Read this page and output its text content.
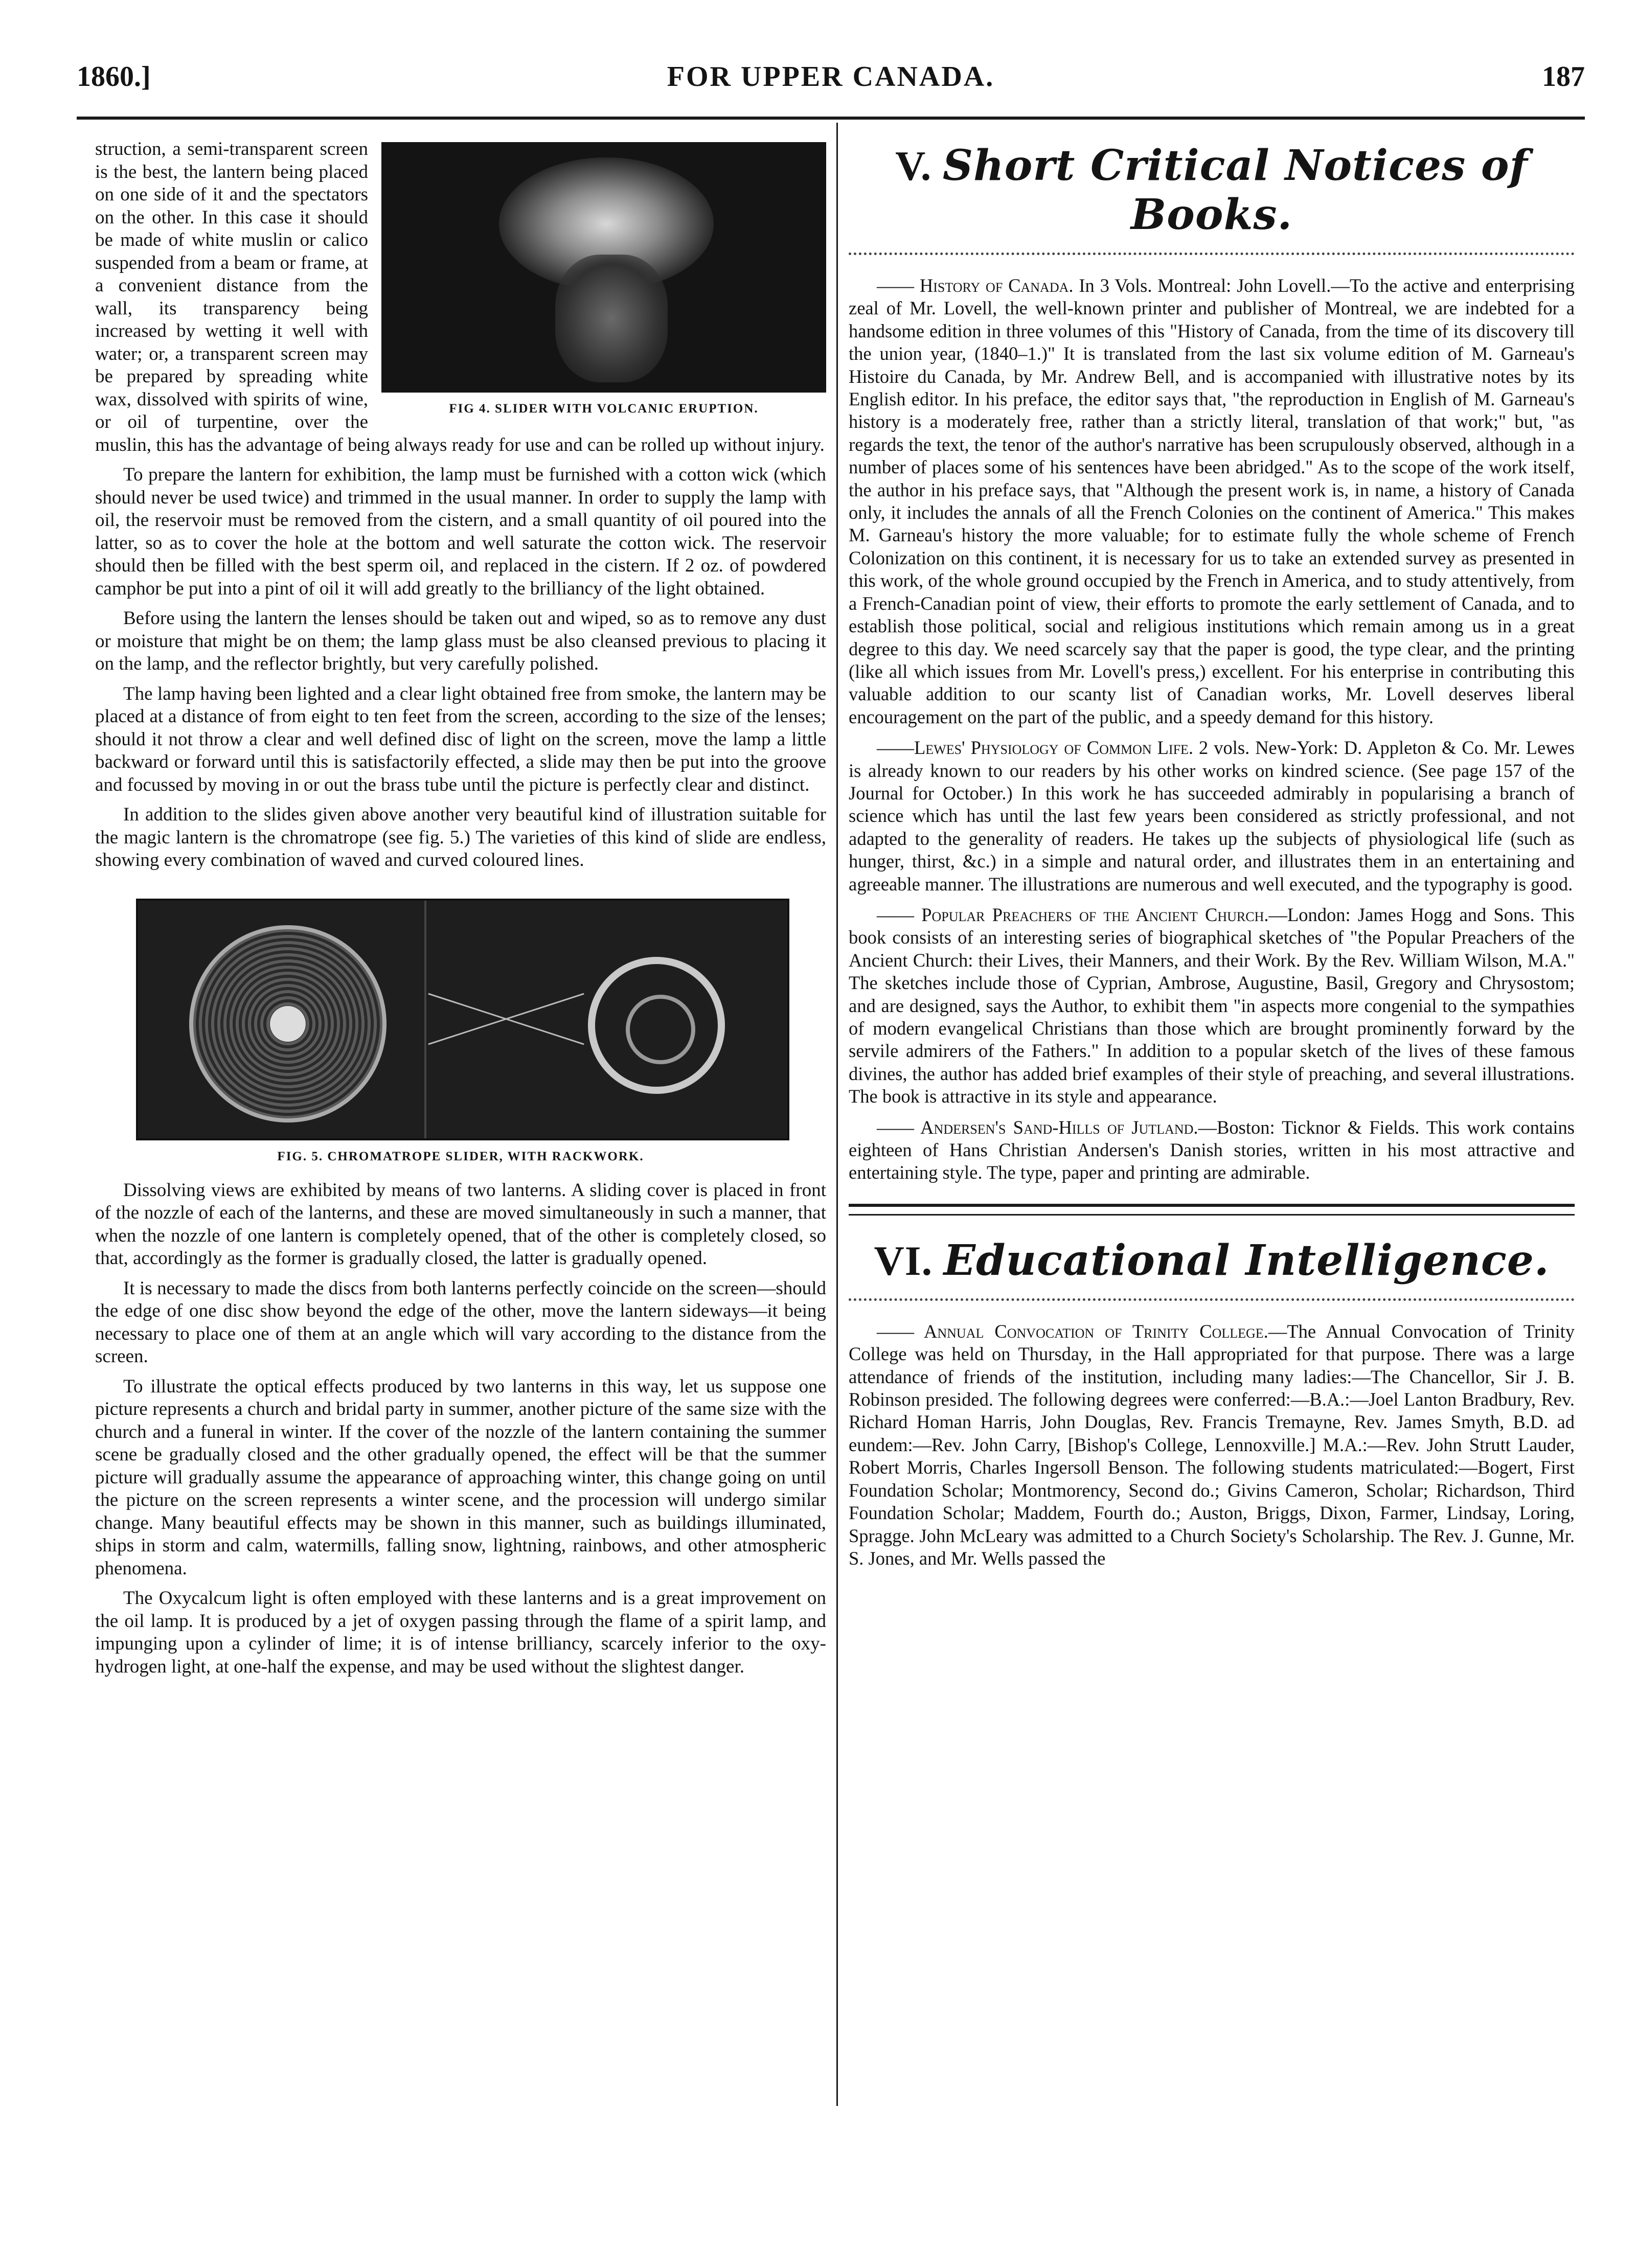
1860.]	FOR UPPER CANADA.	187
FIG 4. SLIDER WITH VOLCANIC ERUPTION.

struction, a semi-transparent screen is the best, the lantern being placed on one side of it and the spectators on the other. In this case it should be made of white muslin or calico suspended from a beam or frame, at a convenient distance from the wall, its transparency being increased by wetting it well with water; or, a transparent screen may be prepared by spreading white wax, dissolved with spirits of wine, or oil of turpentine, over the muslin, this has the advantage of being always ready for use and can be rolled up without injury.

To prepare the lantern for exhibition, the lamp must be furnished with a cotton wick (which should never be used twice) and trimmed in the usual manner. In order to supply the lamp with oil, the reservoir must be removed from the cistern, and a small quantity of oil poured into the latter, so as to cover the hole at the bottom and well saturate the cotton wick. The reservoir should then be filled with the best sperm oil, and replaced in the cistern. If 2 oz. of powdered camphor be put into a pint of oil it will add greatly to the brilliancy of the light obtained.

Before using the lantern the lenses should be taken out and wiped, so as to remove any dust or moisture that might be on them; the lamp glass must be also cleansed previous to placing it on the lamp, and the reflector brightly, but very carefully polished.

The lamp having been lighted and a clear light obtained free from smoke, the lantern may be placed at a distance of from eight to ten feet from the screen, according to the size of the lenses; should it not throw a clear and well defined disc of light on the screen, move the lamp a little backward or forward until this is satisfactorily effected, a slide may then be put into the groove and focussed by moving in or out the brass tube until the picture is perfectly clear and distinct.

In addition to the slides given above another very beautiful kind of illustration suitable for the magic lantern is the chromatrope (see fig. 5.) The varieties of this kind of slide are endless, showing every combination of waved and curved coloured lines.

FIG. 5. CHROMATROPE SLIDER, WITH RACKWORK.

Dissolving views are exhibited by means of two lanterns. A sliding cover is placed in front of the nozzle of each of the lanterns, and these are moved simultaneously in such a manner, that when the nozzle of one lantern is completely opened, that of the other is completely closed, so that, accordingly as the former is gradually closed, the latter is gradually opened.

It is necessary to made the discs from both lanterns perfectly coincide on the screen—should the edge of one disc show beyond the edge of the other, move the lantern sideways—it being necessary to place one of them at an angle which will vary according to the distance from the screen.

To illustrate the optical effects produced by two lanterns in this way, let us suppose one picture represents a church and bridal party in summer, another picture of the same size with the church and a funeral in winter. If the cover of the nozzle of the lantern containing the summer scene be gradually closed and the other gradually opened, the effect will be that the summer picture will gradually assume the appearance of approaching winter, this change going on until the picture on the screen represents a winter scene, and the procession will undergo similar change. Many beautiful effects may be shown in this manner, such as buildings illuminated, ships in storm and calm, watermills, falling snow, lightning, rainbows, and other atmospheric phenomena.

The Oxycalcum light is often employed with these lanterns and is a great improvement on the oil lamp. It is produced by a jet of oxygen passing through the flame of a spirit lamp, and impunging upon a cylinder of lime; it is of intense brilliancy, scarcely inferior to the oxy-hydrogen light, at one-half the expense, and may be used without the slightest danger.

V. Short Critical Notices of Books.

—— History of Canada. In 3 Vols. Montreal: John Lovell.—To the active and enterprising zeal of Mr. Lovell, the well-known printer and publisher of Montreal, we are indebted for a handsome edition in three volumes of this "History of Canada, from the time of its discovery till the union year, (1840–1.)" It is translated from the last six volume edition of M. Garneau's Histoire du Canada, by Mr. Andrew Bell, and is accompanied with illustrative notes by its English editor. In his preface, the editor says that, "the reproduction in English of M. Garneau's history is a moderately free, rather than a strictly literal, translation of that work;" but, "as regards the text, the tenor of the author's narrative has been scrupulously observed, although in a number of places some of his sentences have been abridged." As to the scope of the work itself, the author in his preface says, that "Although the present work is, in name, a history of Canada only, it includes the annals of all the French Colonies on the continent of America." This makes M. Garneau's history the more valuable; for to estimate fully the whole scheme of French Colonization on this continent, it is necessary for us to take an extended survey as presented in this work, of the whole ground occupied by the French in America, and to study attentively, from a French-Canadian point of view, their efforts to promote the early settlement of Canada, and to establish those political, social and religious institutions which remain among us in a great degree to this day. We need scarcely say that the paper is good, the type clear, and the printing (like all which issues from Mr. Lovell's press,) excellent. For his enterprise in contributing this valuable addition to our scanty list of Canadian works, Mr. Lovell deserves liberal encouragement on the part of the public, and a speedy demand for this history.

——Lewes' Physiology of Common Life. 2 vols. New-York: D. Appleton & Co. Mr. Lewes is already known to our readers by his other works on kindred science. (See page 157 of the Journal for October.) In this work he has succeeded admirably in popularising a branch of science which has until the last few years been considered as strictly professional, and not adapted to the generality of readers. He takes up the subjects of physiological life (such as hunger, thirst, &c.) in a simple and natural order, and illustrates them in an entertaining and agreeable manner. The illustrations are numerous and well executed, and the typography is good.

—— Popular Preachers of the Ancient Church.—London: James Hogg and Sons. This book consists of an interesting series of biographical sketches of "the Popular Preachers of the Ancient Church: their Lives, their Manners, and their Work. By the Rev. William Wilson, M.A." The sketches include those of Cyprian, Ambrose, Augustine, Basil, Gregory and Chrysostom; and are designed, says the Author, to exhibit them "in aspects more congenial to the sympathies of modern evangelical Christians than those which are brought prominently forward by the servile admirers of the Fathers." In addition to a popular sketch of the lives of these famous divines, the author has added brief examples of their style of preaching, and several illustrations. The book is attractive in its style and appearance.

—— Andersen's Sand-Hills of Jutland.—Boston: Ticknor & Fields. This work contains eighteen of Hans Christian Andersen's Danish stories, written in his most attractive and entertaining style. The type, paper and printing are admirable.

VI. Educational Intelligence.

—— Annual Convocation of Trinity College.—The Annual Convocation of Trinity College was held on Thursday, in the Hall appropriated for that purpose. There was a large attendance of friends of the institution, including many ladies:—The Chancellor, Sir J. B. Robinson presided. The following degrees were conferred:—B.A.:—Joel Lanton Bradbury, Rev. Richard Homan Harris, John Douglas, Rev. Francis Tremayne, Rev. James Smyth, B.D. ad eundem:—Rev. John Carry, [Bishop's College, Lennoxville.] M.A.:—Rev. John Strutt Lauder, Robert Morris, Charles Ingersoll Benson. The following students matriculated:—Bogert, First Foundation Scholar; Montmorency, Second do.; Givins Cameron, Scholar; Richardson, Third Foundation Scholar; Maddem, Fourth do.; Auston, Briggs, Dixon, Farmer, Lindsay, Loring, Spragge. John McLeary was admitted to a Church Society's Scholarship. The Rev. J. Gunne, Mr. S. Jones, and Mr. Wells passed the
